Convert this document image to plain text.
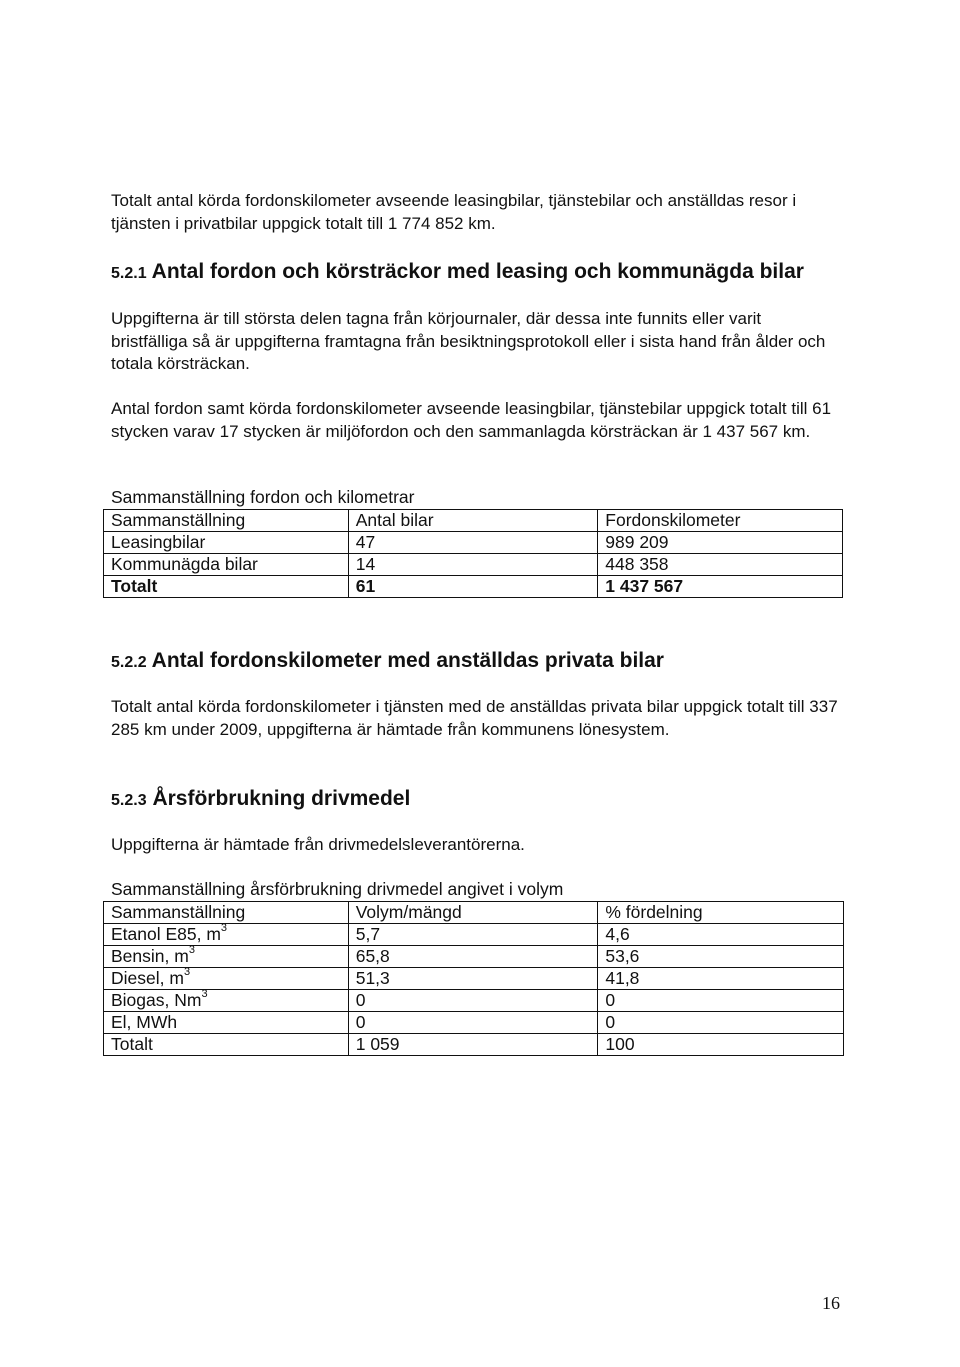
Totalt antal körda fordonskilometer avseende leasingbilar, tjänstebilar och anställdas resor i tjänsten i privatbilar uppgick totalt till 1 774 852 km.

5.2.1 Antal fordon och körsträckor med leasing och kommunägda bilar

Uppgifterna är till största delen tagna från körjournaler, där dessa inte funnits eller varit bristfälliga så är uppgifterna framtagna från besiktningsprotokoll eller i sista hand från ålder och totala körsträckan.

Antal fordon samt körda fordonskilometer avseende leasingbilar, tjänstebilar uppgick totalt till 61 stycken varav 17 stycken är miljöfordon och den sammanlagda körsträckan är 1 437 567 km.

Sammanställning fordon och kilometrar

Sammanställning	Antal bilar	Fordonskilometer
Leasingbilar	47	989 209
Kommunägda bilar	14	448 358
Totalt	61	1 437 567
5.2.2 Antal fordonskilometer med anställdas privata bilar

Totalt antal körda fordonskilometer i tjänsten med de anställdas privata bilar uppgick totalt till 337 285 km under 2009, uppgifterna är hämtade från kommunens lönesystem.

5.2.3 Årsförbrukning drivmedel

Uppgifterna är hämtade från drivmedelsleverantörerna.

Sammanställning årsförbrukning drivmedel angivet i volym

Sammanställning	Volym/mängd	% fördelning
Etanol E85, $m^3$	5,7	4,6
Bensin, $m^3$	65,8	53,6
Diesel, $m^3$	51,3	41,8
Biogas, Nm$^3$	0	0
El, MWh	0	0
Totalt	1 059	100
16
